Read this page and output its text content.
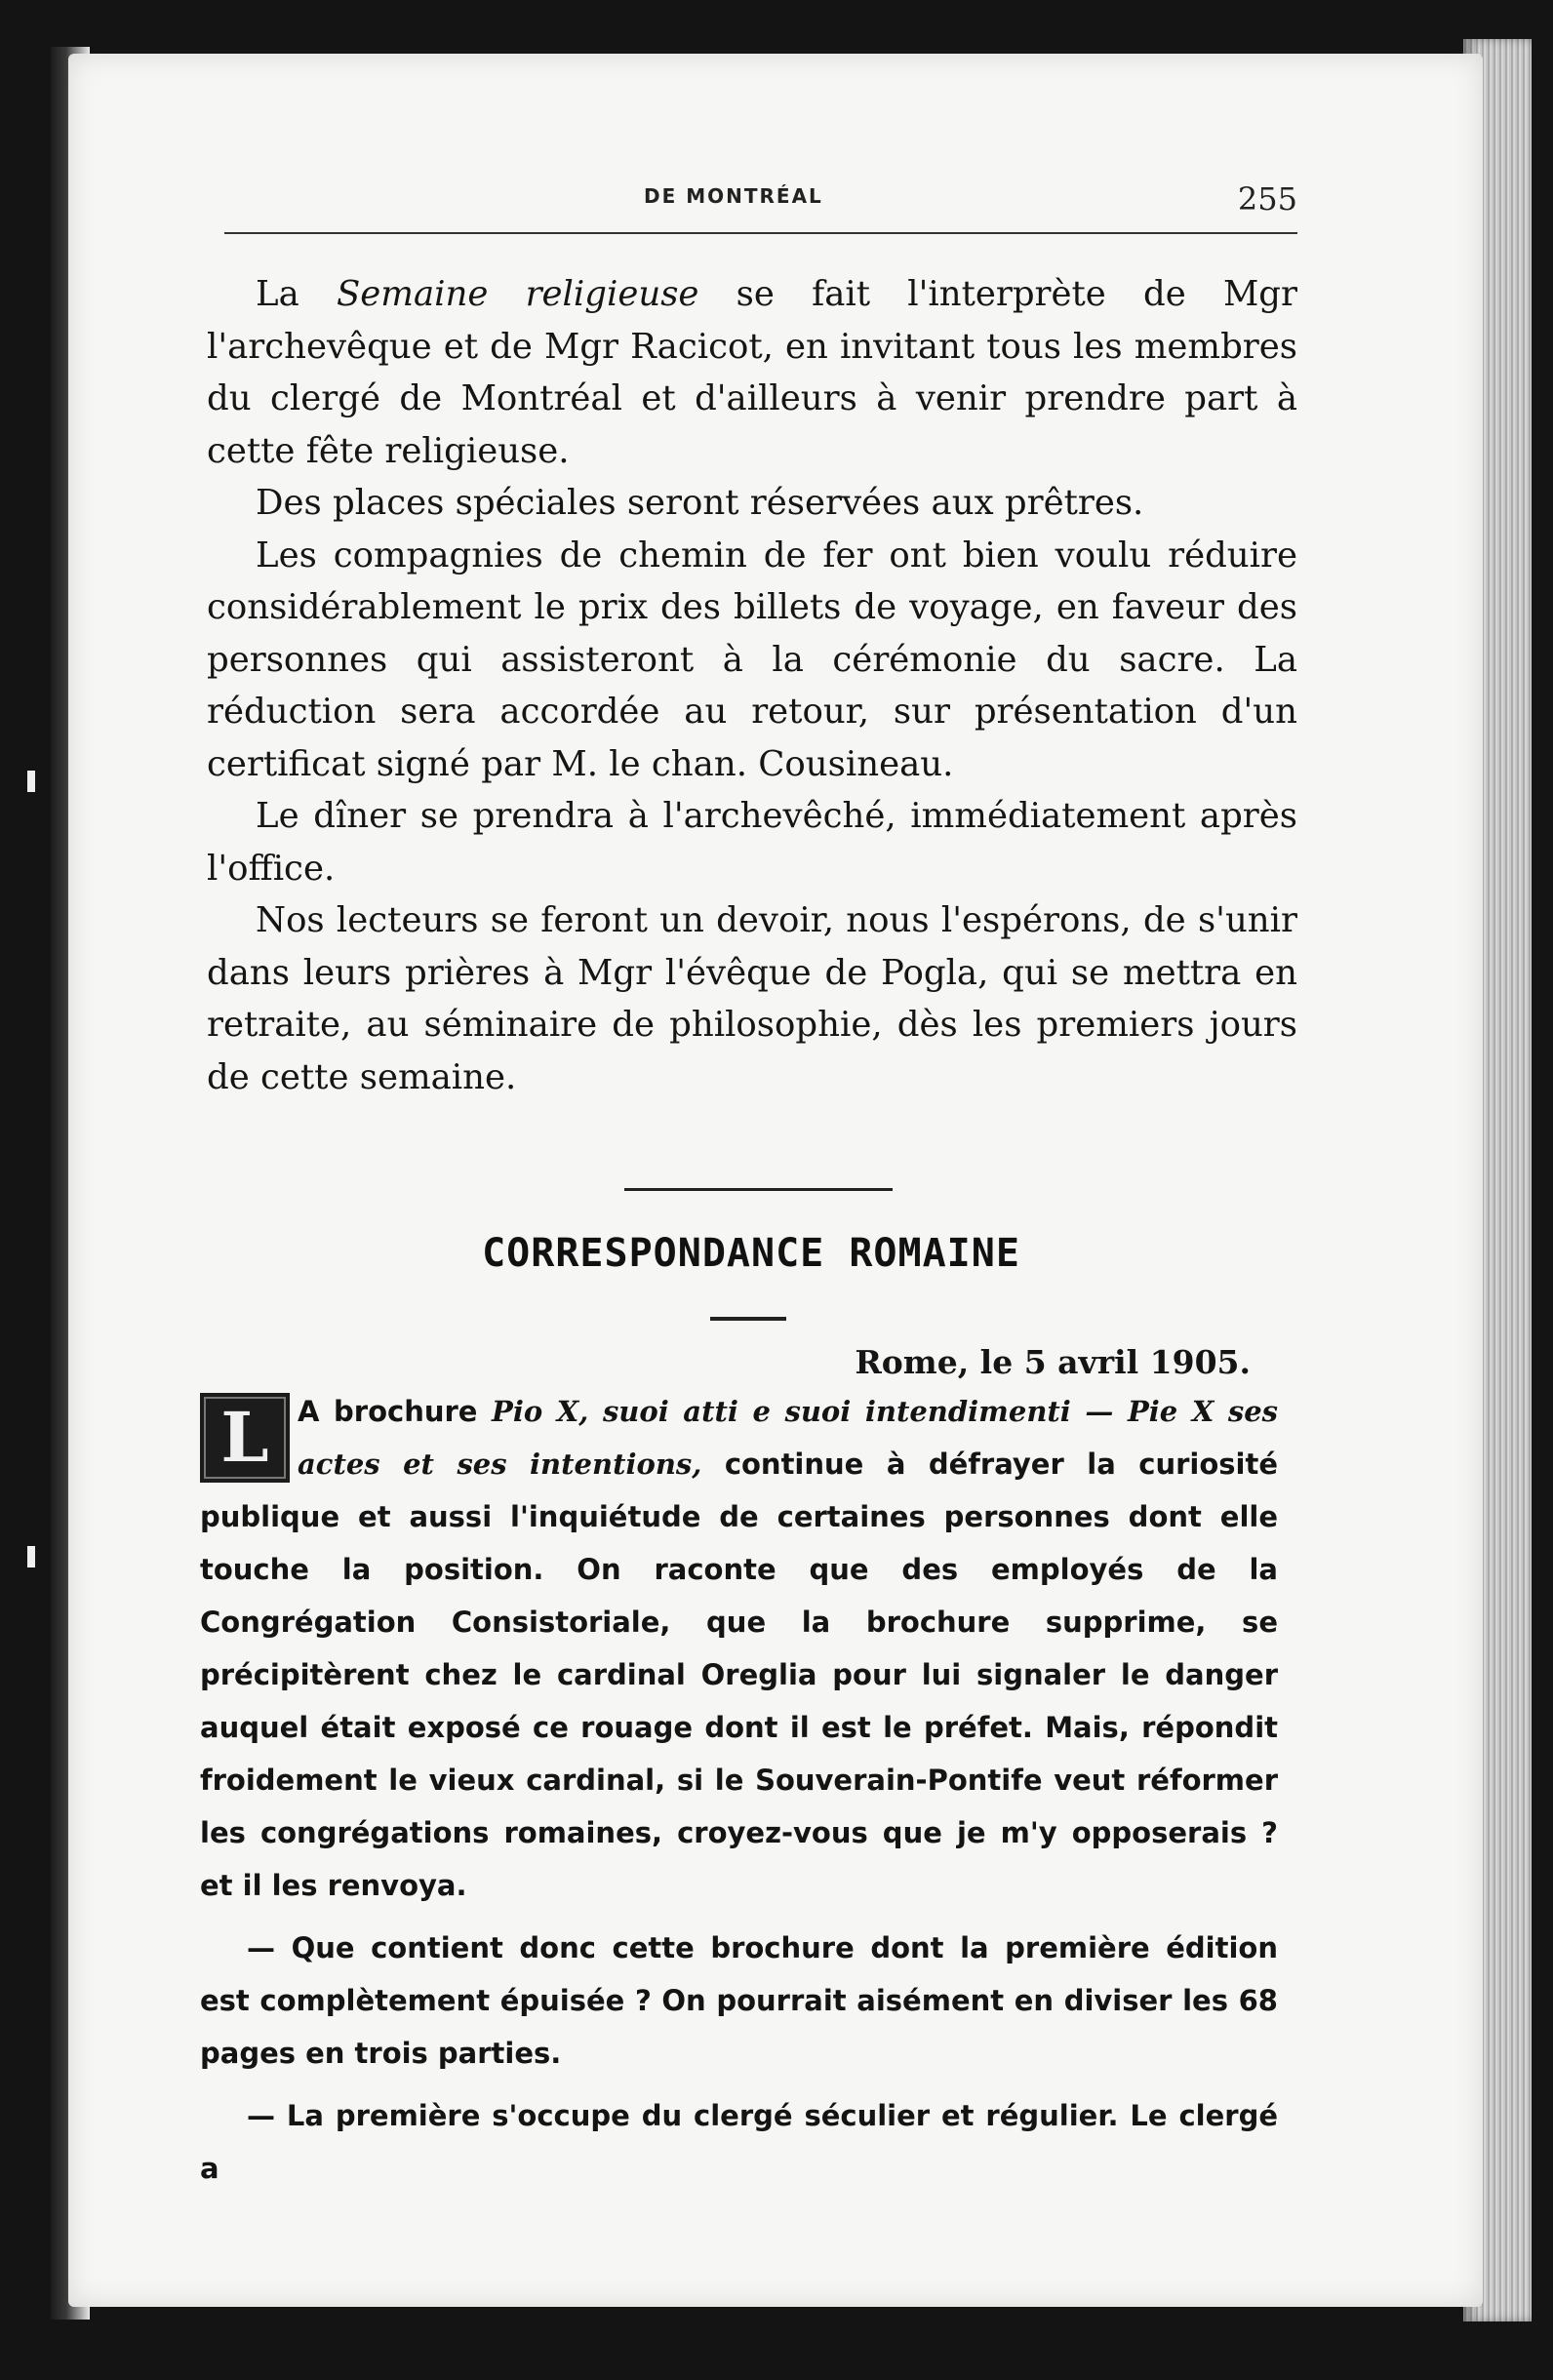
DE MONTRÉAL	255

La Semaine religieuse se fait l'interprète de Mgr l'archevêque et de Mgr Racicot, en invitant tous les membres du clergé de Montréal et d'ailleurs à venir prendre part à cette fête religieuse.

Des places spéciales seront réservées aux prêtres.

Les compagnies de chemin de fer ont bien voulu réduire considérablement le prix des billets de voyage, en faveur des personnes qui assisteront à la cérémonie du sacre. La réduction sera accordée au retour, sur présentation d'un certificat signé par M. le chan. Cousineau.

Le dîner se prendra à l'archevêché, immédiatement après l'office.

Nos lecteurs se feront un devoir, nous l'espérons, de s'unir dans leurs prières à Mgr l'évêque de Pogla, qui se mettra en retraite, au séminaire de philosophie, dès les premiers jours de cette semaine.

CORRESPONDANCE ROMAINE
Rome, le 5 avril 1905.

L	A brochure Pio X, suoi atti e suoi intendimenti — Pie X ses actes et ses intentions, continue à défrayer la curiosité publique et aussi l'inquiétude de certaines personnes dont elle touche la position. On raconte que des employés de la Congrégation Consistoriale, que la brochure supprime, se précipitèrent chez le cardinal Oreglia pour lui signaler le danger auquel était exposé ce rouage dont il est le préfet. Mais, répondit froidement le vieux cardinal, si le Souverain-Pontife veut réformer les congrégations romaines, croyez-vous que je m'y opposerais ? et il les renvoya.

— Que contient donc cette brochure dont la première édition est complètement épuisée ? On pourrait aisément en diviser les 68 pages en trois parties.

— La première s'occupe du clergé séculier et régulier. Le clergé a
